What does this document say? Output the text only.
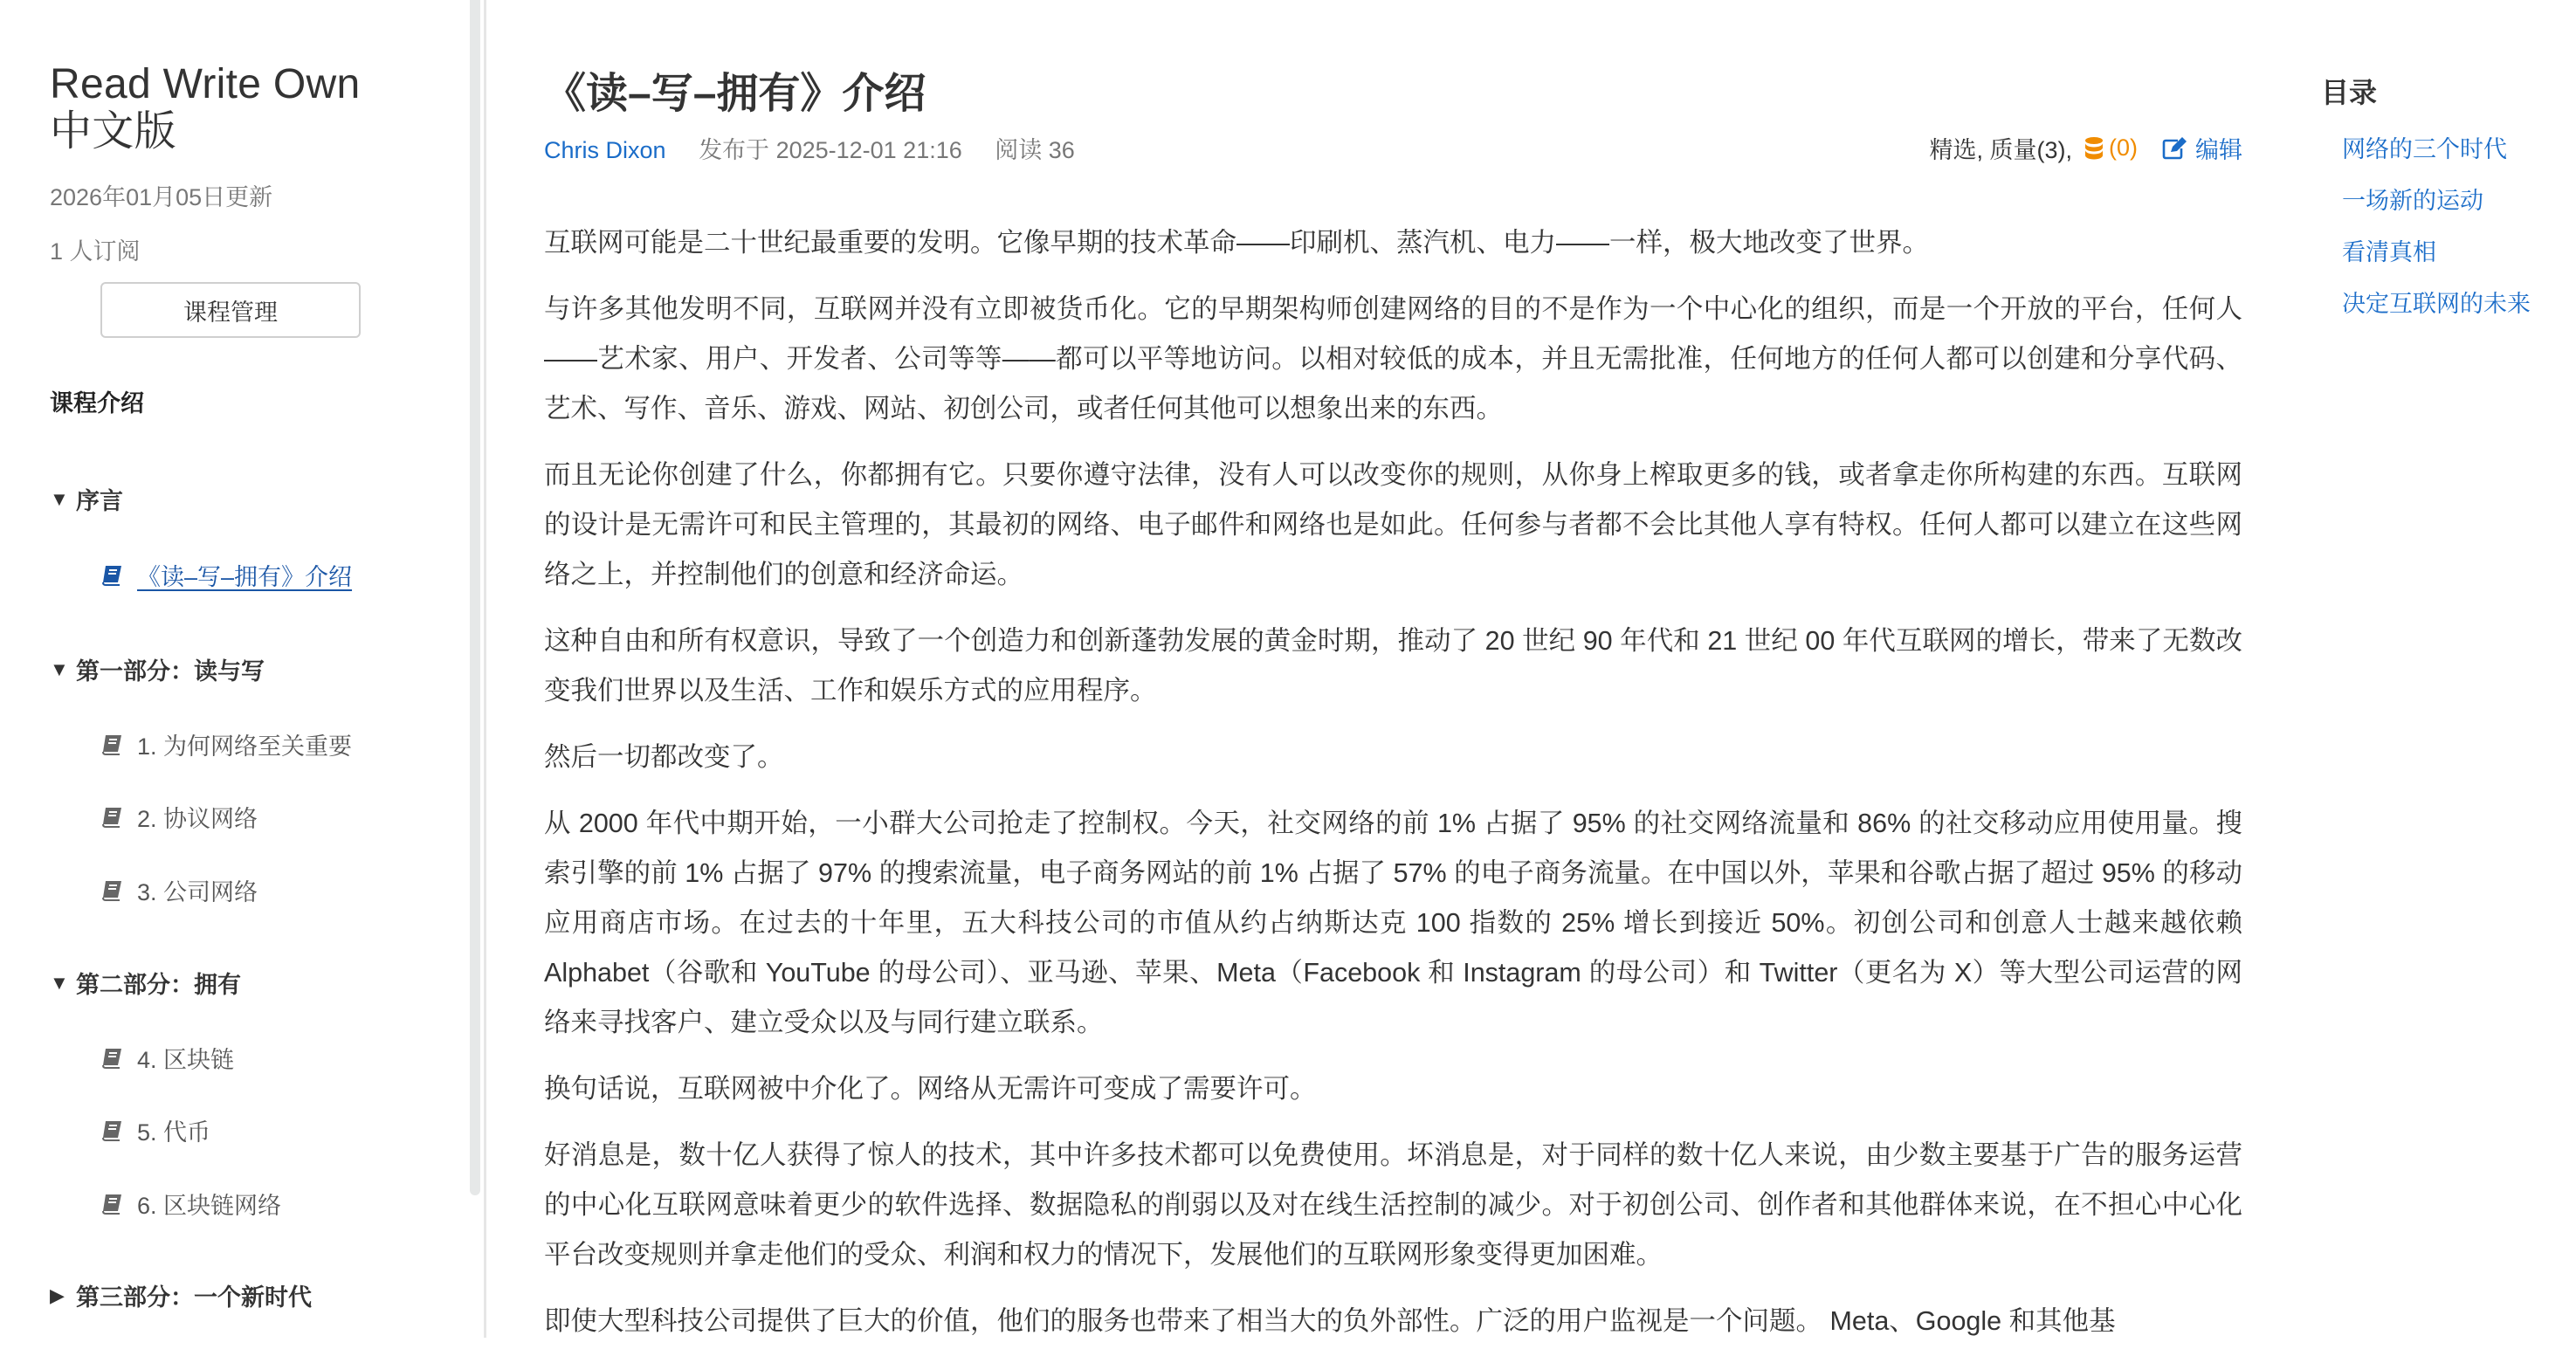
Read Write Own
中文版
2026年01月05日更新
1 人订阅
课程管理
课程介绍
▼ 序言
《读–写–拥有》介绍
▼ 第一部分：读与写
1. 为何网络至关重要
2. 协议网络
3. 公司网络
▼ 第二部分：拥有
4. 区块链
5. 代币
6. 区块链网络
▶ 第三部分：一个新时代
《读–写–拥有》介绍
Chris Dixon 发布于 2025-12-01 21:16 阅读 36	精选, 质量(3), (0) 编辑

互联网可能是二十世纪最重要的发明。它像早期的技术革命——印刷机、蒸汽机、电力——一样，极大地改变了世界。

与许多其他发明不同，互联网并没有立即被货币化。它的早期架构师创建网络的目的不是作为一个中心化的组织，而是一个开放的平台，任何人——艺术家、用户、开发者、公司等等——都可以平等地访问。以相对较低的成本，并且无需批准，任何地方的任何人都可以创建和分享代码、艺术、写作、音乐、游戏、网站、初创公司，或者任何其他可以想象出来的东西。

而且无论你创建了什么，你都拥有它。只要你遵守法律，没有人可以改变你的规则，从你身上榨取更多的钱，或者拿走你所构建的东西。互联网的设计是无需许可和民主管理的，其最初的网络、电子邮件和网络也是如此。任何参与者都不会比其他人享有特权。任何人都可以建立在这些网络之上，并控制他们的创意和经济命运。

这种自由和所有权意识，导致了一个创造力和创新蓬勃发展的黄金时期，推动了 20 世纪 90 年代和 21 世纪 00 年代互联网的增长，带来了无数改变我们世界以及生活、工作和娱乐方式的应用程序。

然后一切都改变了。

从 2000 年代中期开始，一小群大公司抢走了控制权。今天，社交网络的前 1% 占据了 95% 的社交网络流量和 86% 的社交移动应用使用量。搜索引擎的前 1% 占据了 97% 的搜索流量，电子商务网站的前 1% 占据了 57% 的电子商务流量。在中国以外，苹果和谷歌占据了超过 95% 的移动应用商店市场。在过去的十年里，五大科技公司的市值从约占纳斯达克 100 指数的 25% 增长到接近 50%。初创公司和创意人士越来越依赖 Alphabet（谷歌和 YouTube 的母公司）、亚马逊、苹果、Meta（Facebook 和 Instagram 的母公司）和 Twitter（更名为 X）等大型公司运营的网络来寻找客户、建立受众以及与同行建立联系。

换句话说，互联网被中介化了。网络从无需许可变成了需要许可。

好消息是，数十亿人获得了惊人的技术，其中许多技术都可以免费使用。坏消息是，对于同样的数十亿人来说，由少数主要基于广告的服务运营的中心化互联网意味着更少的软件选择、数据隐私的削弱以及对在线生活控制的减少。对于初创公司、创作者和其他群体来说，在不担心中心化平台改变规则并拿走他们的受众、利润和权力的情况下，发展他们的互联网形象变得更加困难。

即使大型科技公司提供了巨大的价值，他们的服务也带来了相当大的负外部性。广泛的用户监视是一个问题。 Meta、Google 和其他基

目录
网络的三个时代
一场新的运动
看清真相
决定互联网的未来
